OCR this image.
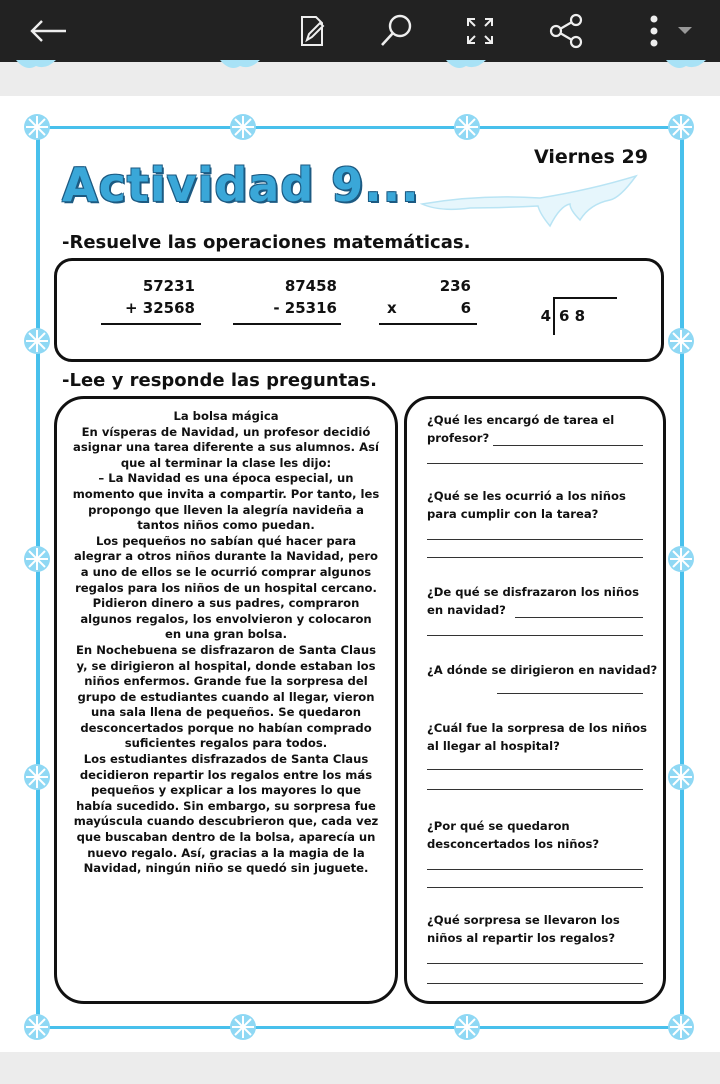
Actividad 9...
Viernes 29
-Resuelve las operaciones matemáticas.
57231
+ 32568
87458
- 25316
236
x	6	4 6 8
-Lee y responde las preguntas.

La bolsa mágica

En vísperas de Navidad, un profesor decidió asignar una tarea diferente a sus alumnos. Así que al terminar la clase les dijo:

– La Navidad es una época especial, un momento que invita a compartir. Por tanto, les propongo que lleven la alegría navideña a tantos niños como puedan.

Los pequeños no sabían qué hacer para alegrar a otros niños durante la Navidad, pero a uno de ellos se le ocurrió comprar algunos regalos para los niños de un hospital cercano. Pidieron dinero a sus padres, compraron algunos regalos, los envolvieron y colocaron en una gran bolsa.

En Nochebuena se disfrazaron de Santa Claus y, se dirigieron al hospital, donde estaban los niños enfermos. Grande fue la sorpresa del grupo de estudiantes cuando al llegar, vieron una sala llena de pequeños. Se quedaron desconcertados porque no habían comprado suficientes regalos para todos.

Los estudiantes disfrazados de Santa Claus decidieron repartir los regalos entre los más pequeños y explicar a los mayores lo que había sucedido. Sin embargo, su sorpresa fue mayúscula cuando descubrieron que, cada vez que buscaban dentro de la bolsa, aparecía un nuevo regalo. Así, gracias a la magia de la Navidad, ningún niño se quedó sin juguete.

¿Qué les encargó de tarea el profesor?
¿Qué se les ocurrió a los niños para cumplir con la tarea?
¿De qué se disfrazaron los niños en navidad?
¿A dónde se dirigieron en navidad?
¿Cuál fue la sorpresa de los niños al llegar al hospital?
¿Por qué se quedaron desconcertados los niños?
¿Qué sorpresa se llevaron los niños al repartir los regalos?
